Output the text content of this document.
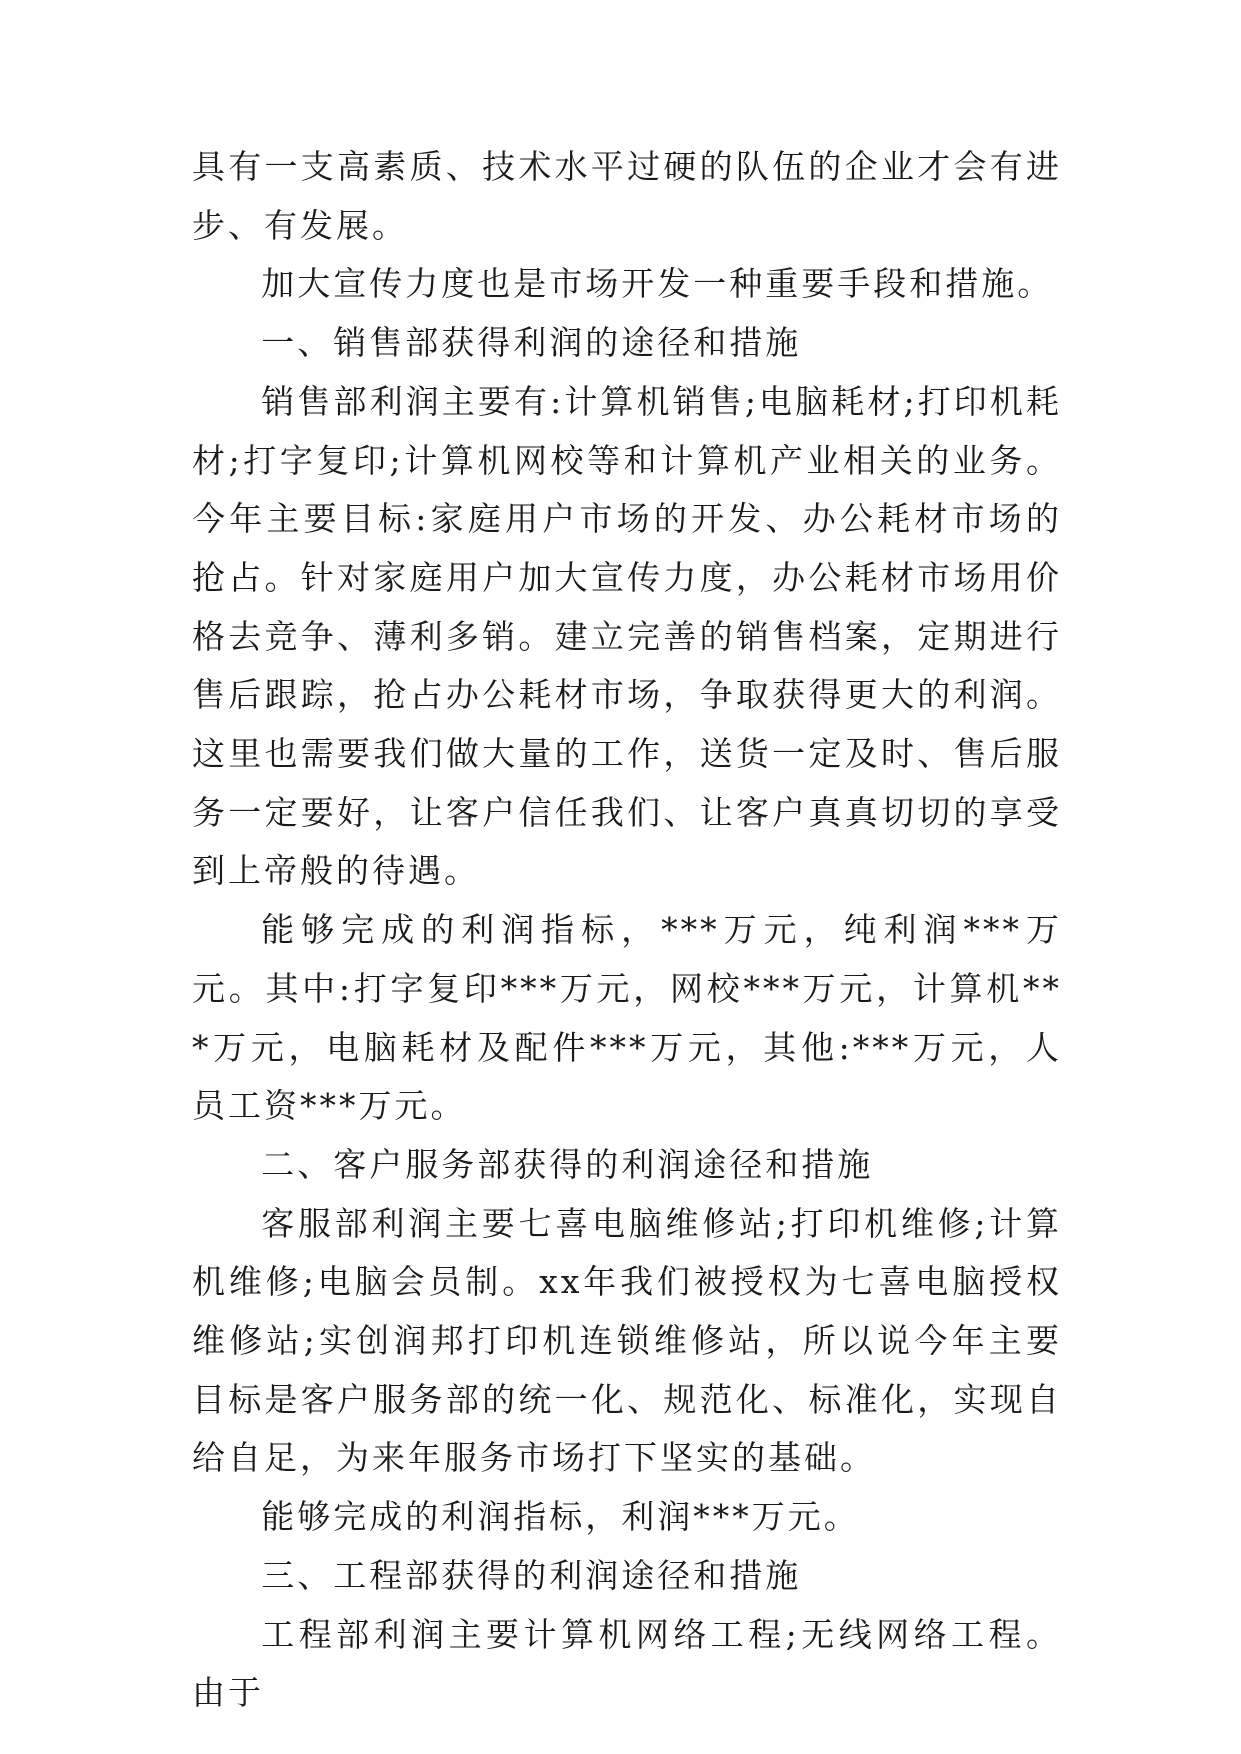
具有一支高素质、技术水平过硬的队伍的企业才会有进步、有发展。

加大宣传力度也是市场开发一种重要手段和措施。

一、销售部获得利润的途径和措施

销售部利润主要有:计算机销售;电脑耗材;打印机耗材;打字复印;计算机网校等和计算机产业相关的业务。今年主要目标:家庭用户市场的开发、办公耗材市场的抢占。针对家庭用户加大宣传力度，办公耗材市场用价格去竞争、薄利多销。建立完善的销售档案，定期进行售后跟踪，抢占办公耗材市场，争取获得更大的利润。这里也需要我们做大量的工作，送货一定及时、售后服务一定要好，让客户信任我们、让客户真真切切的享受到上帝般的待遇。

能够完成的利润指标，***万元，纯利润***万元。其中:打字复印***万元，网校***万元，计算机***万元，电脑耗材及配件***万元，其他:***万元，人员工资***万元。

二、客户服务部获得的利润途径和措施

客服部利润主要七喜电脑维修站;打印机维修;计算机维修;电脑会员制。xx年我们被授权为七喜电脑授权维修站;实创润邦打印机连锁维修站，所以说今年主要目标是客户服务部的统一化、规范化、标准化，实现自给自足，为来年服务市场打下坚实的基础。

能够完成的利润指标，利润***万元。

三、工程部获得的利润途径和措施

工程部利润主要计算机网络工程;无线网络工程。由于
